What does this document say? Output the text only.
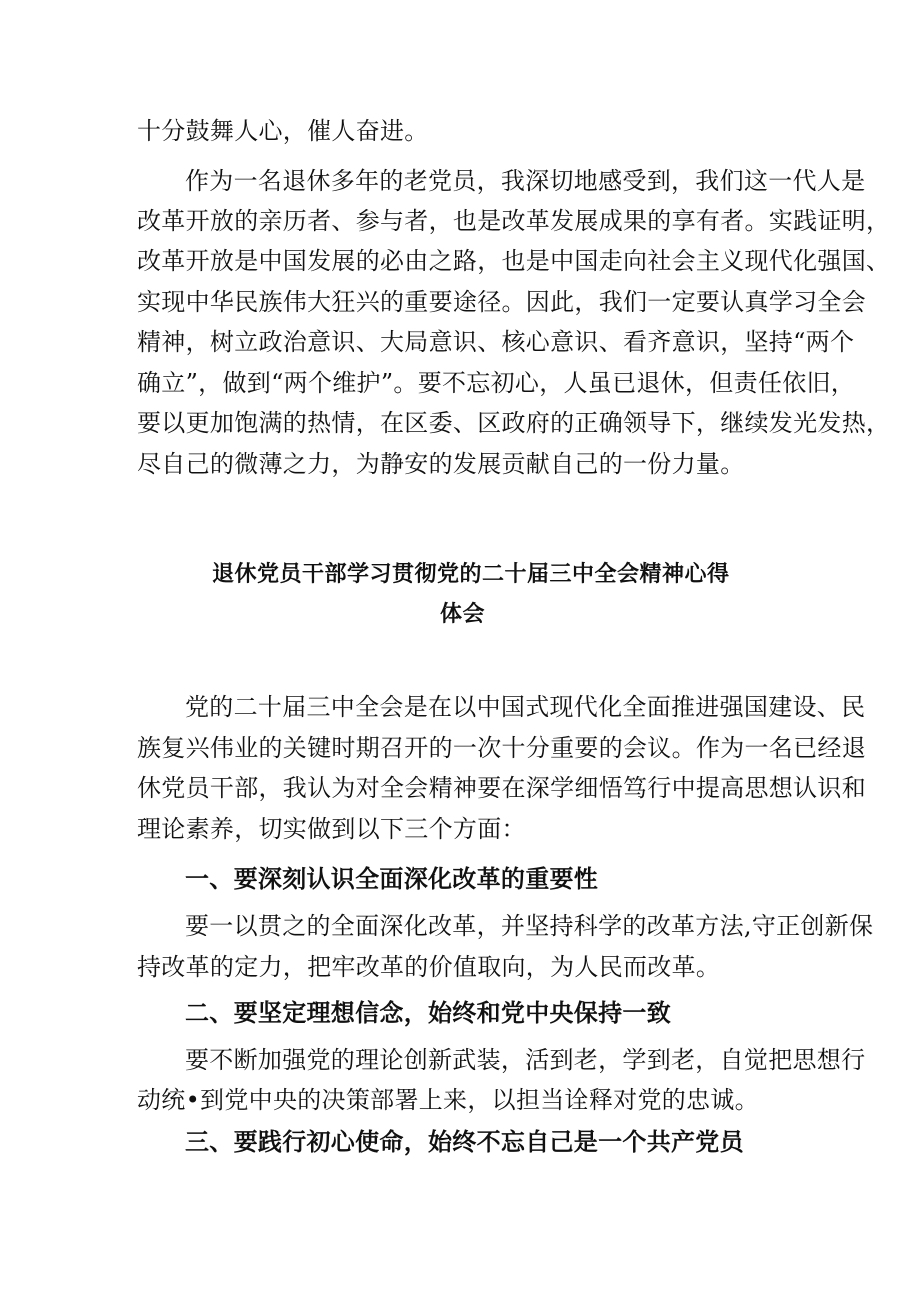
十分鼓舞人心，催人奋进。
作为一名退休多年的老党员，我深切地感受到，我们这一代人是
改革开放的亲历者、参与者，也是改革发展成果的享有者。实践证明，
改革开放是中国发展的必由之路，也是中国走向社会主义现代化强国、
实现中华民族伟大狂兴的重要途径。因此，我们一定要认真学习全会
精神，树立政治意识、大局意识、核心意识、看齐意识，坚持“两个
确立”，做到“两个维护”。要不忘初心，人虽已退休，但责任依旧，
要以更加饱满的热情，在区委、区政府的正确领导下，继续发光发热，
尽自己的微薄之力，为静安的发展贡献自己的一份力量。
退休党员干部学习贯彻党的二十届三中全会精神心得
体会
党的二十届三中全会是在以中国式现代化全面推进强国建设、民
族复兴伟业的关键时期召开的一次十分重要的会议。作为一名已经退
休党员干部，我认为对全会精神要在深学细悟笃行中提高思想认识和
理论素养，切实做到以下三个方面：
一、要深刻认识全面深化改革的重要性
要一以贯之的全面深化改革，并坚持科学的改革方法,守正创新保
持改革的定力，把牢改革的价值取向，为人民而改革。
二、要坚定理想信念，始终和党中央保持一致
要不断加强党的理论创新武装，活到老，学到老，自觉把思想行
动统•到党中央的决策部署上来，以担当诠释对党的忠诚。
三、要践行初心使命，始终不忘自己是一个共产党员
